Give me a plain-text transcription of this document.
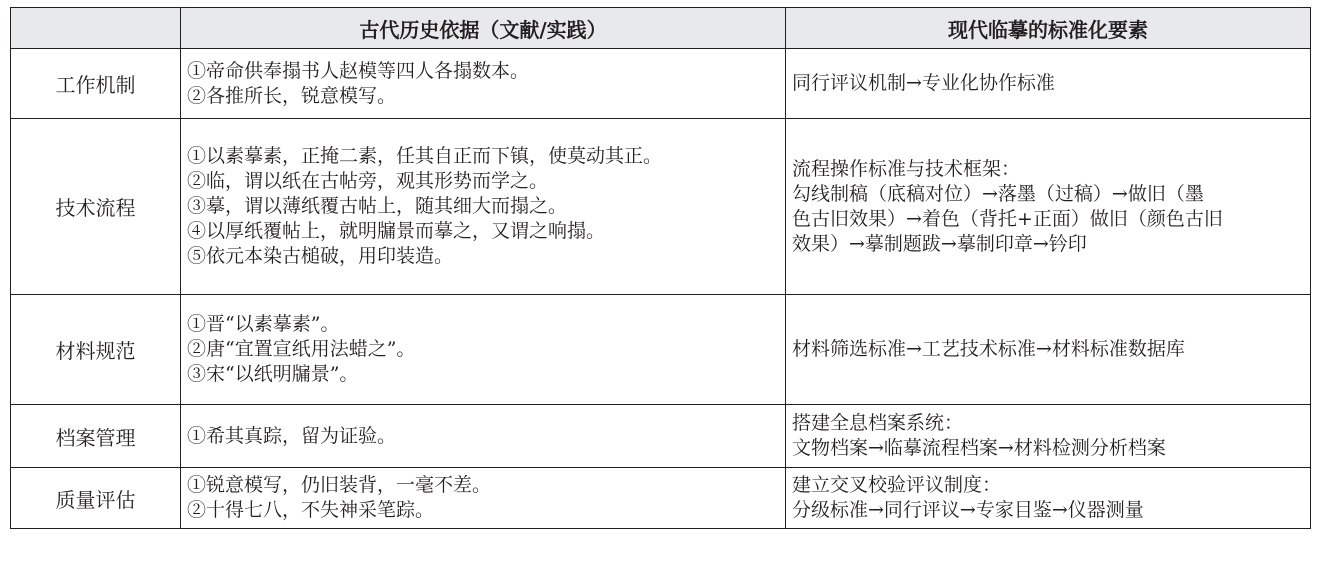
	古代历史依据（文献/实践）	现代临摹的标准化要素
工作机制	①帝命供奉搨书人赵模等四人各搨数本。
②各推所长，锐意模写。	同行评议机制→专业化协作标准

技术流程	①以素摹素，正掩二素，任其自正而下镇，使莫动其正。
②临，谓以纸在古帖旁，观其形势而学之。
③摹，谓以薄纸覆古帖上，随其细大而搨之。
④以厚纸覆帖上，就明牖景而摹之，又谓之响搨。
⑤依元本染古槌破，用印装造。	流程操作标准与技术框架：
勾线制稿（底稿对位）→落墨（过稿）→做旧（墨
色古旧效果）→着色（背托+正面）做旧（颜色古旧
效果）→摹制题跋→摹制印章→钤印

材料规范	①晋“以素摹素”。
②唐“宜置宣纸用法蜡之”。
③宋“以纸明牖景”。	材料筛选标准→工艺技术标准→材料标准数据库

档案管理	①希其真踪，留为证验。	搭建全息档案系统：
文物档案→临摹流程档案→材料检测分析档案

质量评估	①锐意模写，仍旧装背，一毫不差。
②十得七八，不失神采笔踪。	建立交叉校验评议制度：
分级标准→同行评议→专家目鉴→仪器测量
